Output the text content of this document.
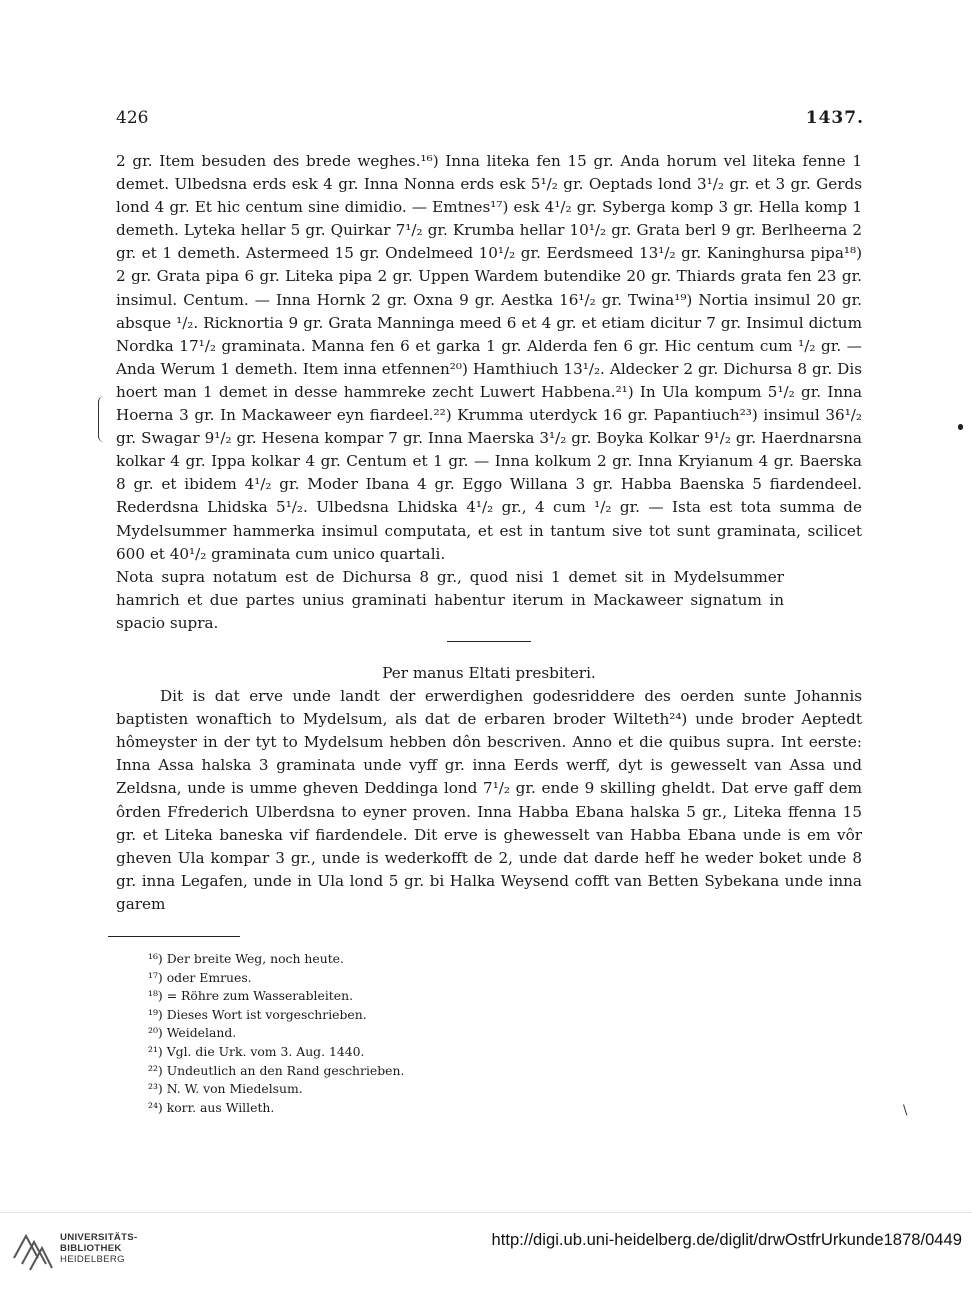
426	1437.

2 gr. Item besuden des brede weghes.¹⁶) Inna liteka fen 15 gr. Anda horum vel liteka fenne 1 demet. Ulbedsna erds esk 4 gr. Inna Nonna erds esk 5¹/₂ gr. Oeptads lond 3¹/₂ gr. et 3 gr. Gerds lond 4 gr. Et hic centum sine dimidio. — Emtnes¹⁷) esk 4¹/₂ gr. Syberga komp 3 gr. Hella komp 1 demeth. Lyteka hellar 5 gr. Quirkar 7¹/₂ gr. Krumba hellar 10¹/₂ gr. Grata berl 9 gr. Berlheerna 2 gr. et 1 demeth. Astermeed 15 gr. Ondelmeed 10¹/₂ gr. Eerdsmeed 13¹/₂ gr. Kaninghursa pipa¹⁸) 2 gr. Grata pipa 6 gr. Liteka pipa 2 gr. Uppen Wardem butendike 20 gr. Thiards grata fen 23 gr. insimul. Centum. — Inna Hornk 2 gr. Oxna 9 gr. Aestka 16¹/₂ gr. Twina¹⁹) Nortia insimul 20 gr. absque ¹/₂. Ricknortia 9 gr. Grata Manninga meed 6 et 4 gr. et etiam dicitur 7 gr. Insimul dictum Nordka 17¹/₂ graminata. Manna fen 6 et garka 1 gr. Alderda fen 6 gr. Hic centum cum ¹/₂ gr. — Anda Werum 1 demeth. Item inna etfennen²⁰) Hamthiuch 13¹/₂. Aldecker 2 gr. Dichursa 8 gr. Dis hoert man 1 demet in desse hammreke zecht Luwert Habbena.²¹) In Ula kompum 5¹/₂ gr. Inna Hoerna 3 gr. In Mackaweer eyn fiardeel.²²) Krumma uterdyck 16 gr. Papantiuch²³) insimul 36¹/₂ gr. Swagar 9¹/₂ gr. Hesena kompar 7 gr. Inna Maerska 3¹/₂ gr. Boyka Kolkar 9¹/₂ gr. Haerdnarsna kolkar 4 gr. Ippa kolkar 4 gr. Centum et 1 gr. — Inna kolkum 2 gr. Inna Kryianum 4 gr. Baerska 8 gr. et ibidem 4¹/₂ gr. Moder Ibana 4 gr. Eggo Willana 3 gr. Habba Baenska 5 fiardendeel. Rederdsna Lhidska 5¹/₂. Ulbedsna Lhidska 4¹/₂ gr., 4 cum ¹/₂ gr. — Ista est tota summa de Mydelsummer hammerka insimul computata, et est in tantum sive tot sunt graminata, scilicet 600 et 40¹/₂ graminata cum unico quartali.

Nota supra notatum est de Dichursa 8 gr., quod nisi 1 demet sit in Mydelsummer hamrich et due partes unius graminati habentur iterum in Mackaweer signatum in spacio supra.

Per manus Eltati presbiteri.

Dit is dat erve unde landt der erwerdighen godesriddere des oerden sunte Johannis baptisten wonaftich to Mydelsum, als dat de erbaren broder Wilteth²⁴) unde broder Aeptedt hômeyster in der tyt to Mydelsum hebben dôn bescriven. Anno et die quibus supra. Int eerste: Inna Assa halska 3 graminata unde vyff gr. inna Eerds werff, dyt is gewesselt van Assa und Zeldsna, unde is umme gheven Deddinga lond 7¹/₂ gr. ende 9 skilling gheldt. Dat erve gaff dem ôrden Ffrederich Ulberdsna to eyner proven. Inna Habba Ebana halska 5 gr., Liteka ffenna 15 gr. et Liteka baneska vif fiardendele. Dit erve is ghewesselt van Habba Ebana unde is em vôr gheven Ula kompar 3 gr., unde is wederkofft de 2, unde dat darde heff he weder boket unde 8 gr. inna Legafen, unde in Ula lond 5 gr. bi Halka Weysend cofft van Betten Sybekana unde inna garem

\
¹⁶) Der breite Weg, noch heute.
¹⁷) oder Emrues.
¹⁸) = Röhre zum Wasserableiten.
¹⁹) Dieses Wort ist vorgeschrieben.
²⁰) Weideland.
²¹) Vgl. die Urk. vom 3. Aug. 1440.
²²) Undeutlich an den Rand geschrieben.
²³) N. W. von Miedelsum.
²⁴) korr. aus Willeth.
UNIVERSITÄTS-
BIBLIOTHEK
HEIDELBERG
http://digi.ub.uni-heidelberg.de/diglit/drwOstfrUrkunde1878/0449
